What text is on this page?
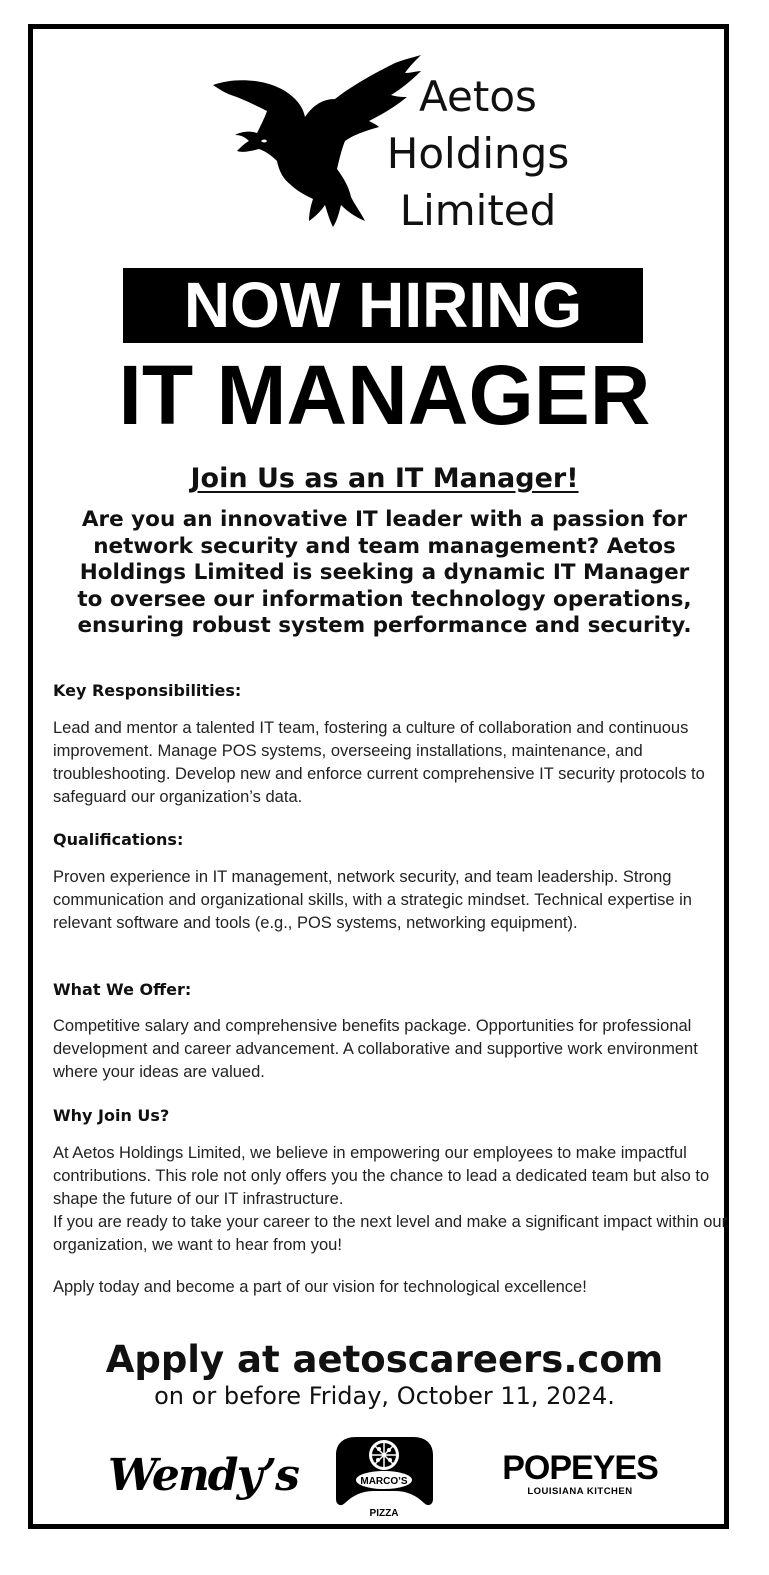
Aetos
Holdings
Limited
NOW HIRING
IT MANAGER
Join Us as an IT Manager!
Are you an innovative IT leader with a passion for network security and team management? Aetos Holdings Limited is seeking a dynamic IT Manager to oversee our information technology operations, ensuring robust system performance and security.
Key Responsibilities:
Lead and mentor a talented IT team, fostering a culture of collaboration and continuous improvement. Manage POS systems, overseeing installations, maintenance, and troubleshooting. Develop new and enforce current comprehensive IT security protocols to safeguard our organization’s data.
Qualifications:
Proven experience in IT management, network security, and team leadership. Strong communication and organizational skills, with a strategic mindset. Technical expertise in relevant software and tools (e.g., POS systems, networking equipment).
What We Offer:
Competitive salary and comprehensive benefits package. Opportunities for professional development and career advancement. A collaborative and supportive work environment where your ideas are valued.
Why Join Us?
At Aetos Holdings Limited, we believe in empowering our employees to make impactful contributions. This role not only offers you the chance to lead a dedicated team but also to shape the future of our IT infrastructure.
If you are ready to take your career to the next level and make a significant impact within our organization, we want to hear from you!
Apply today and become a part of our vision for technological excellence!
Apply at aetoscareers.com
on or before Friday, October 11, 2024.
Wendy’s	MARCO’S
PIZZA
POPEYES
LOUISIANA KITCHEN
